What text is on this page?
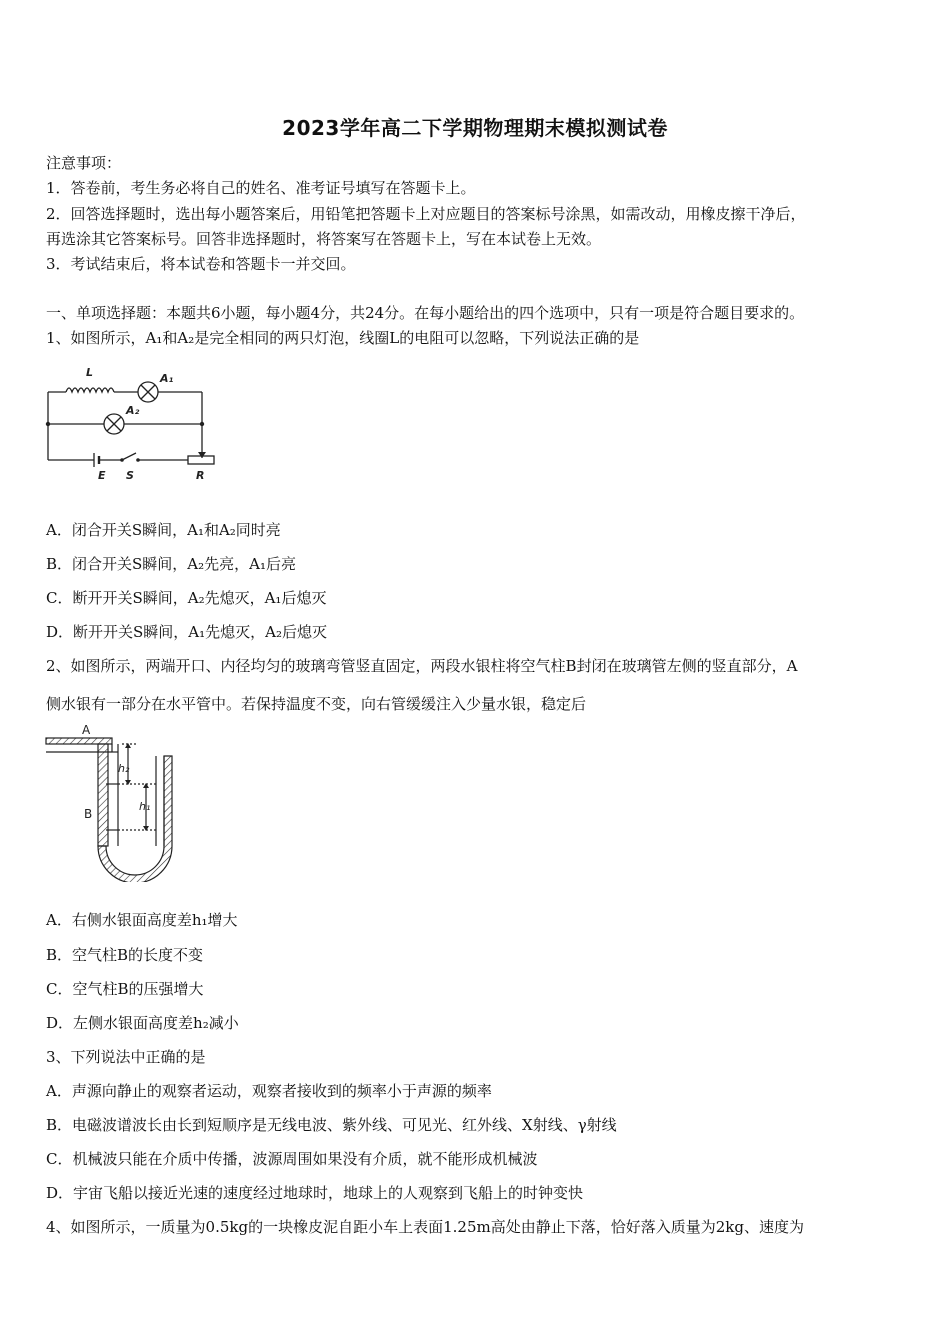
2023学年高二下学期物理期末模拟测试卷
注意事项：
1．答卷前，考生务必将自己的姓名、准考证号填写在答题卡上。
2．回答选择题时，选出每小题答案后，用铅笔把答题卡上对应题目的答案标号涂黑，如需改动，用橡皮擦干净后，
再选涂其它答案标号。回答非选择题时，将答案写在答题卡上，写在本试卷上无效。
3．考试结束后，将本试卷和答题卡一并交回。
一、单项选择题：本题共6小题，每小题4分，共24分。在每小题给出的四个选项中，只有一项是符合题目要求的。
1、如图所示，A₁和A₂是完全相同的两只灯泡，线圈L的电阻可以忽略，下列说法正确的是
L	A₁
A₂
E S	R
A．闭合开关S瞬间，A₁和A₂同时亮
B．闭合开关S瞬间，A₂先亮，A₁后亮
C．断开开关S瞬间，A₂先熄灭，A₁后熄灭
D．断开开关S瞬间，A₁先熄灭，A₂后熄灭
2、如图所示，两端开口、内径均匀的玻璃弯管竖直固定，两段水银柱将空气柱B封闭在玻璃管左侧的竖直部分，A
侧水银有一部分在水平管中。若保持温度不变，向右管缓缓注入少量水银，稳定后
A
B
h₂
h₁
A．右侧水银面高度差h₁增大
B．空气柱B的长度不变
C．空气柱B的压强增大
D．左侧水银面高度差h₂减小
3、下列说法中正确的是
A．声源向静止的观察者运动，观察者接收到的频率小于声源的频率
B．电磁波谱波长由长到短顺序是无线电波、紫外线、可见光、红外线、X射线、γ射线
C．机械波只能在介质中传播，波源周围如果没有介质，就不能形成机械波
D．宇宙飞船以接近光速的速度经过地球时，地球上的人观察到飞船上的时钟变快
4、如图所示，一质量为0.5kg的一块橡皮泥自距小车上表面1.25m高处由静止下落，恰好落入质量为2kg、速度为
